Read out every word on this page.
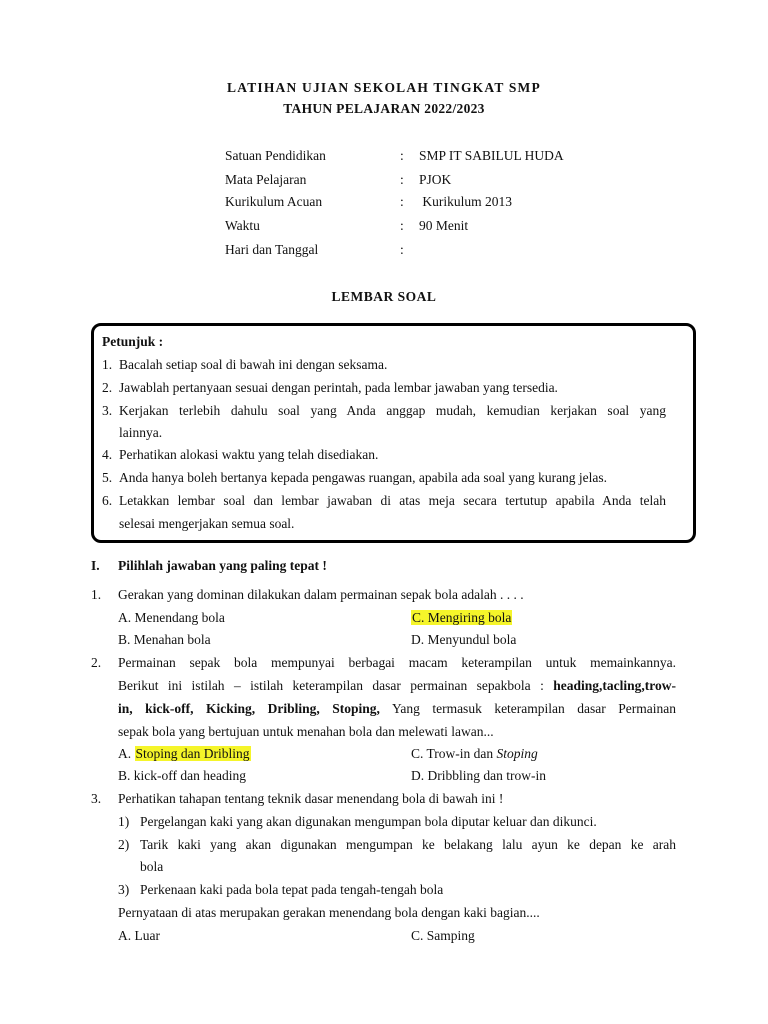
LATIHAN UJIAN SEKOLAH TINGKAT SMP
TAHUN PELAJARAN 2022/2023
Satuan Pendidikan	: SMP IT SABILUL HUDA
Mata Pelajaran	: PJOK
Kurikulum Acuan	: Kurikulum 2013
Waktu	: 90 Menit
Hari dan Tanggal	:
LEMBAR SOAL
Petunjuk :
1. Bacalah setiap soal di bawah ini dengan seksama.
2. Jawablah pertanyaan sesuai dengan perintah, pada lembar jawaban yang tersedia.
3. Kerjakan terlebih dahulu soal yang Anda anggap mudah, kemudian kerjakan soal yang
lainnya.
4. Perhatikan alokasi waktu yang telah disediakan.
5. Anda hanya boleh bertanya kepada pengawas ruangan, apabila ada soal yang kurang jelas.
6. Letakkan lembar soal dan lembar jawaban di atas meja secara tertutup apabila Anda telah
selesai mengerjakan semua soal.
I. Pilihlah jawaban yang paling tepat !
1. Gerakan yang dominan dilakukan dalam permainan sepak bola adalah . . . .
A. Menendang bola	C. Mengiring bola
B. Menahan bola	D. Menyundul bola
2. Permainan sepak bola mempunyai berbagai macam keterampilan untuk memainkannya.
Berikut ini istilah – istilah keterampilan dasar permainan sepakbola : heading,tacling,trow-
in, kick-off, Kicking, Dribling, Stoping, Yang termasuk keterampilan dasar Permainan
sepak bola yang bertujuan untuk menahan bola dan melewati lawan...
A. Stoping dan Dribling	C. Trow-in dan Stoping
B. kick-off dan heading	D. Dribbling dan trow-in
3. Perhatikan tahapan tentang teknik dasar menendang bola di bawah ini !
1) Pergelangan kaki yang akan digunakan mengumpan bola diputar keluar dan dikunci.
2) Tarik kaki yang akan digunakan mengumpan ke belakang lalu ayun ke depan ke arah
bola
3) Perkenaan kaki pada bola tepat pada tengah-tengah bola
Pernyataan di atas merupakan gerakan menendang bola dengan kaki bagian....
A. Luar	C. Samping
